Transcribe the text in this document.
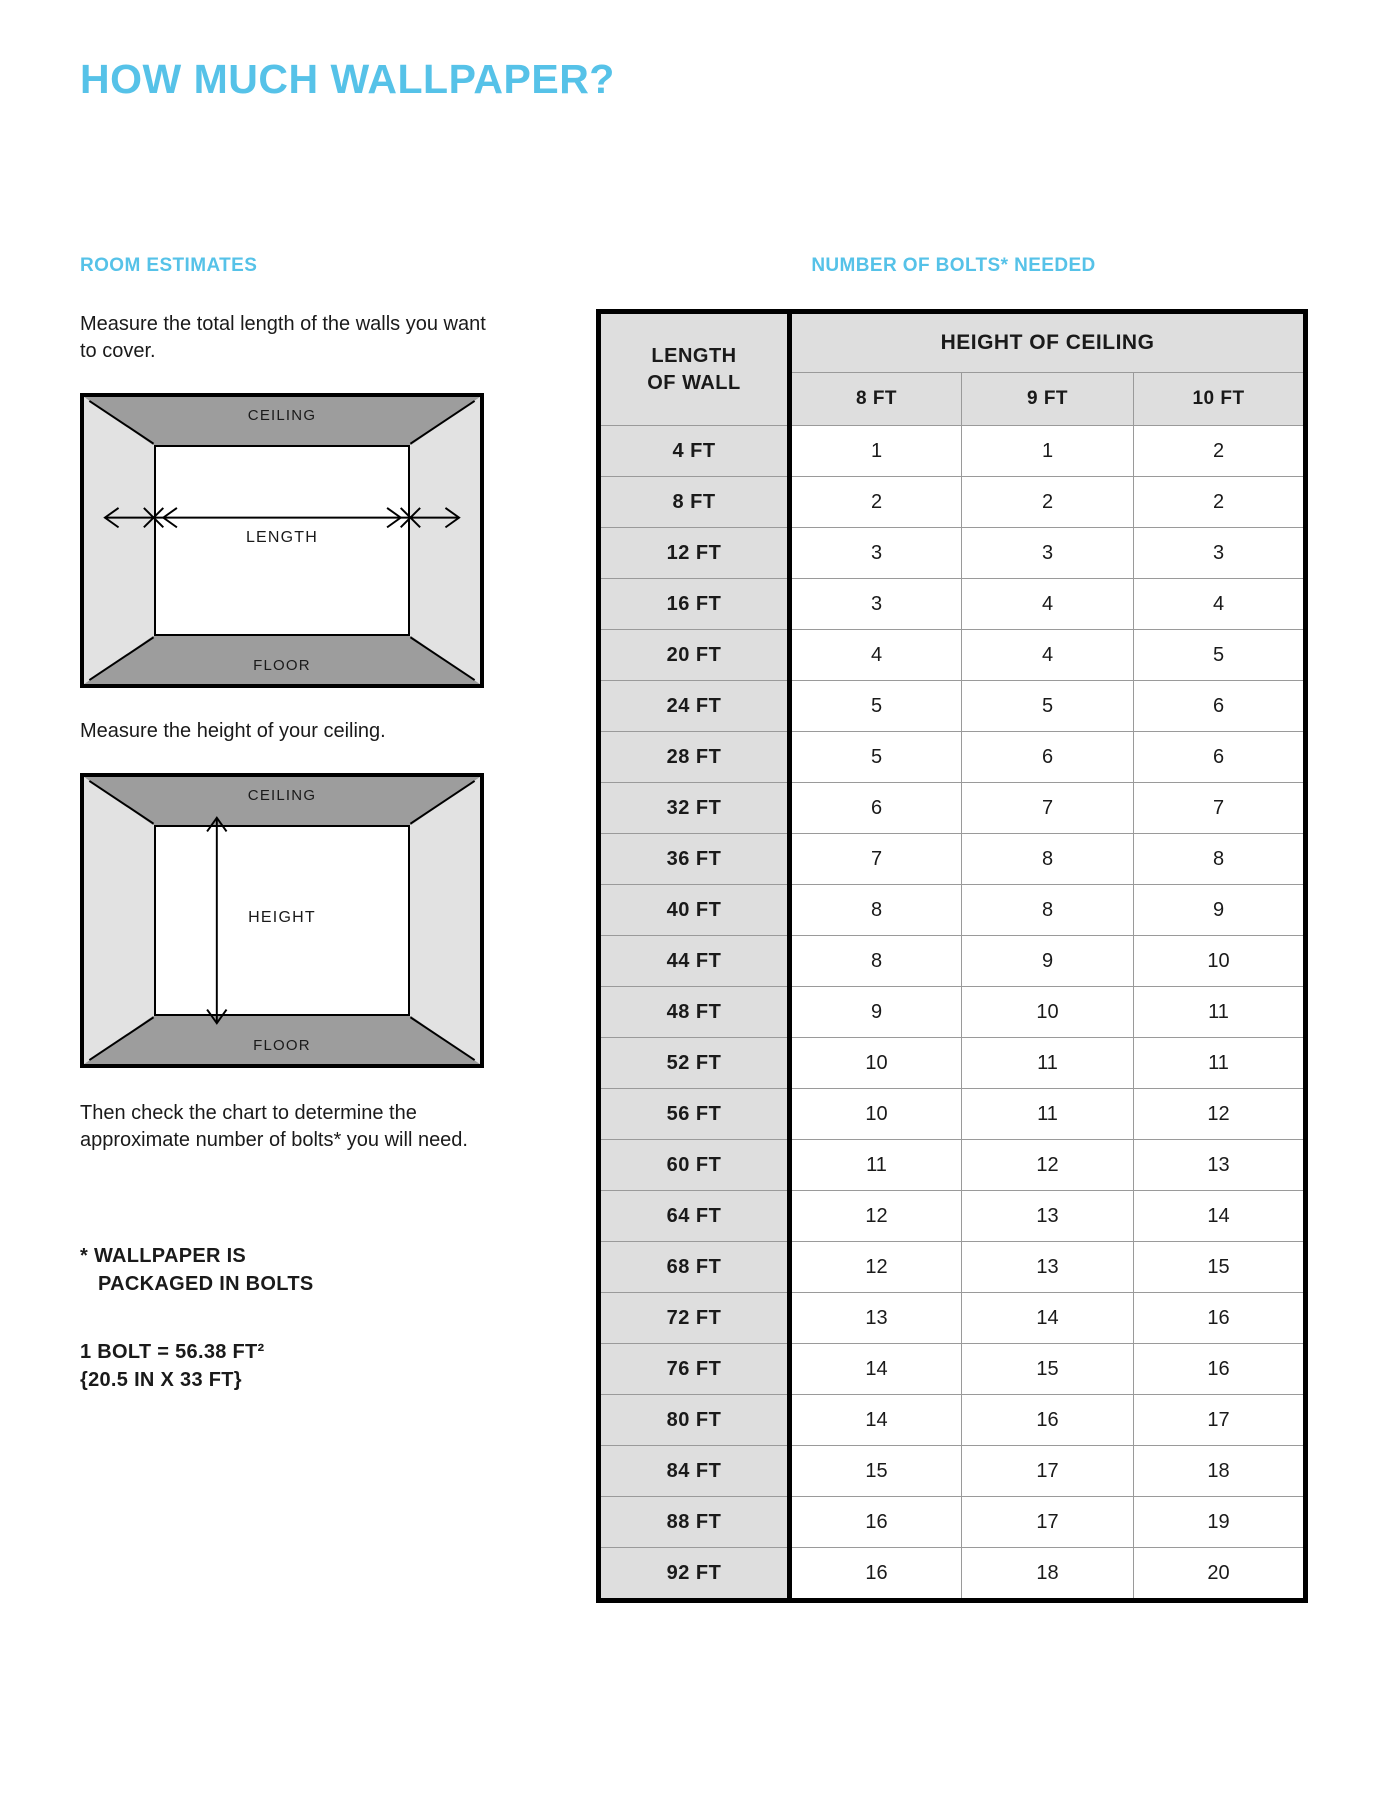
HOW MUCH WALLPAPER?
ROOM ESTIMATES
Measure the total length of the walls you want to cover.
CEILING
FLOOR
LENGTH
Measure the height of your ceiling.
CEILING
FLOOR
HEIGHT
Then check the chart to determine the approximate number of bolts* you will need.
* WALLPAPER IS
PACKAGED IN BOLTS
1 BOLT = 56.38 FT²
{20.5 IN X 33 FT}
NUMBER OF BOLTS* NEEDED
LENGTH
OF WALL	HEIGHT OF CEILING		
	8 FT	9 FT	10 FT
4 FT	1	1	2
8 FT	2	2	2
12 FT	3	3	3
16 FT	3	4	4
20 FT	4	4	5
24 FT	5	5	6
28 FT	5	6	6
32 FT	6	7	7
36 FT	7	8	8
40 FT	8	8	9
44 FT	8	9	10
48 FT	9	10	11
52 FT	10	11	11
56 FT	10	11	12
60 FT	11	12	13
64 FT	12	13	14
68 FT	12	13	15
72 FT	13	14	16
76 FT	14	15	16
80 FT	14	16	17
84 FT	15	17	18
88 FT	16	17	19
92 FT	16	18	20
